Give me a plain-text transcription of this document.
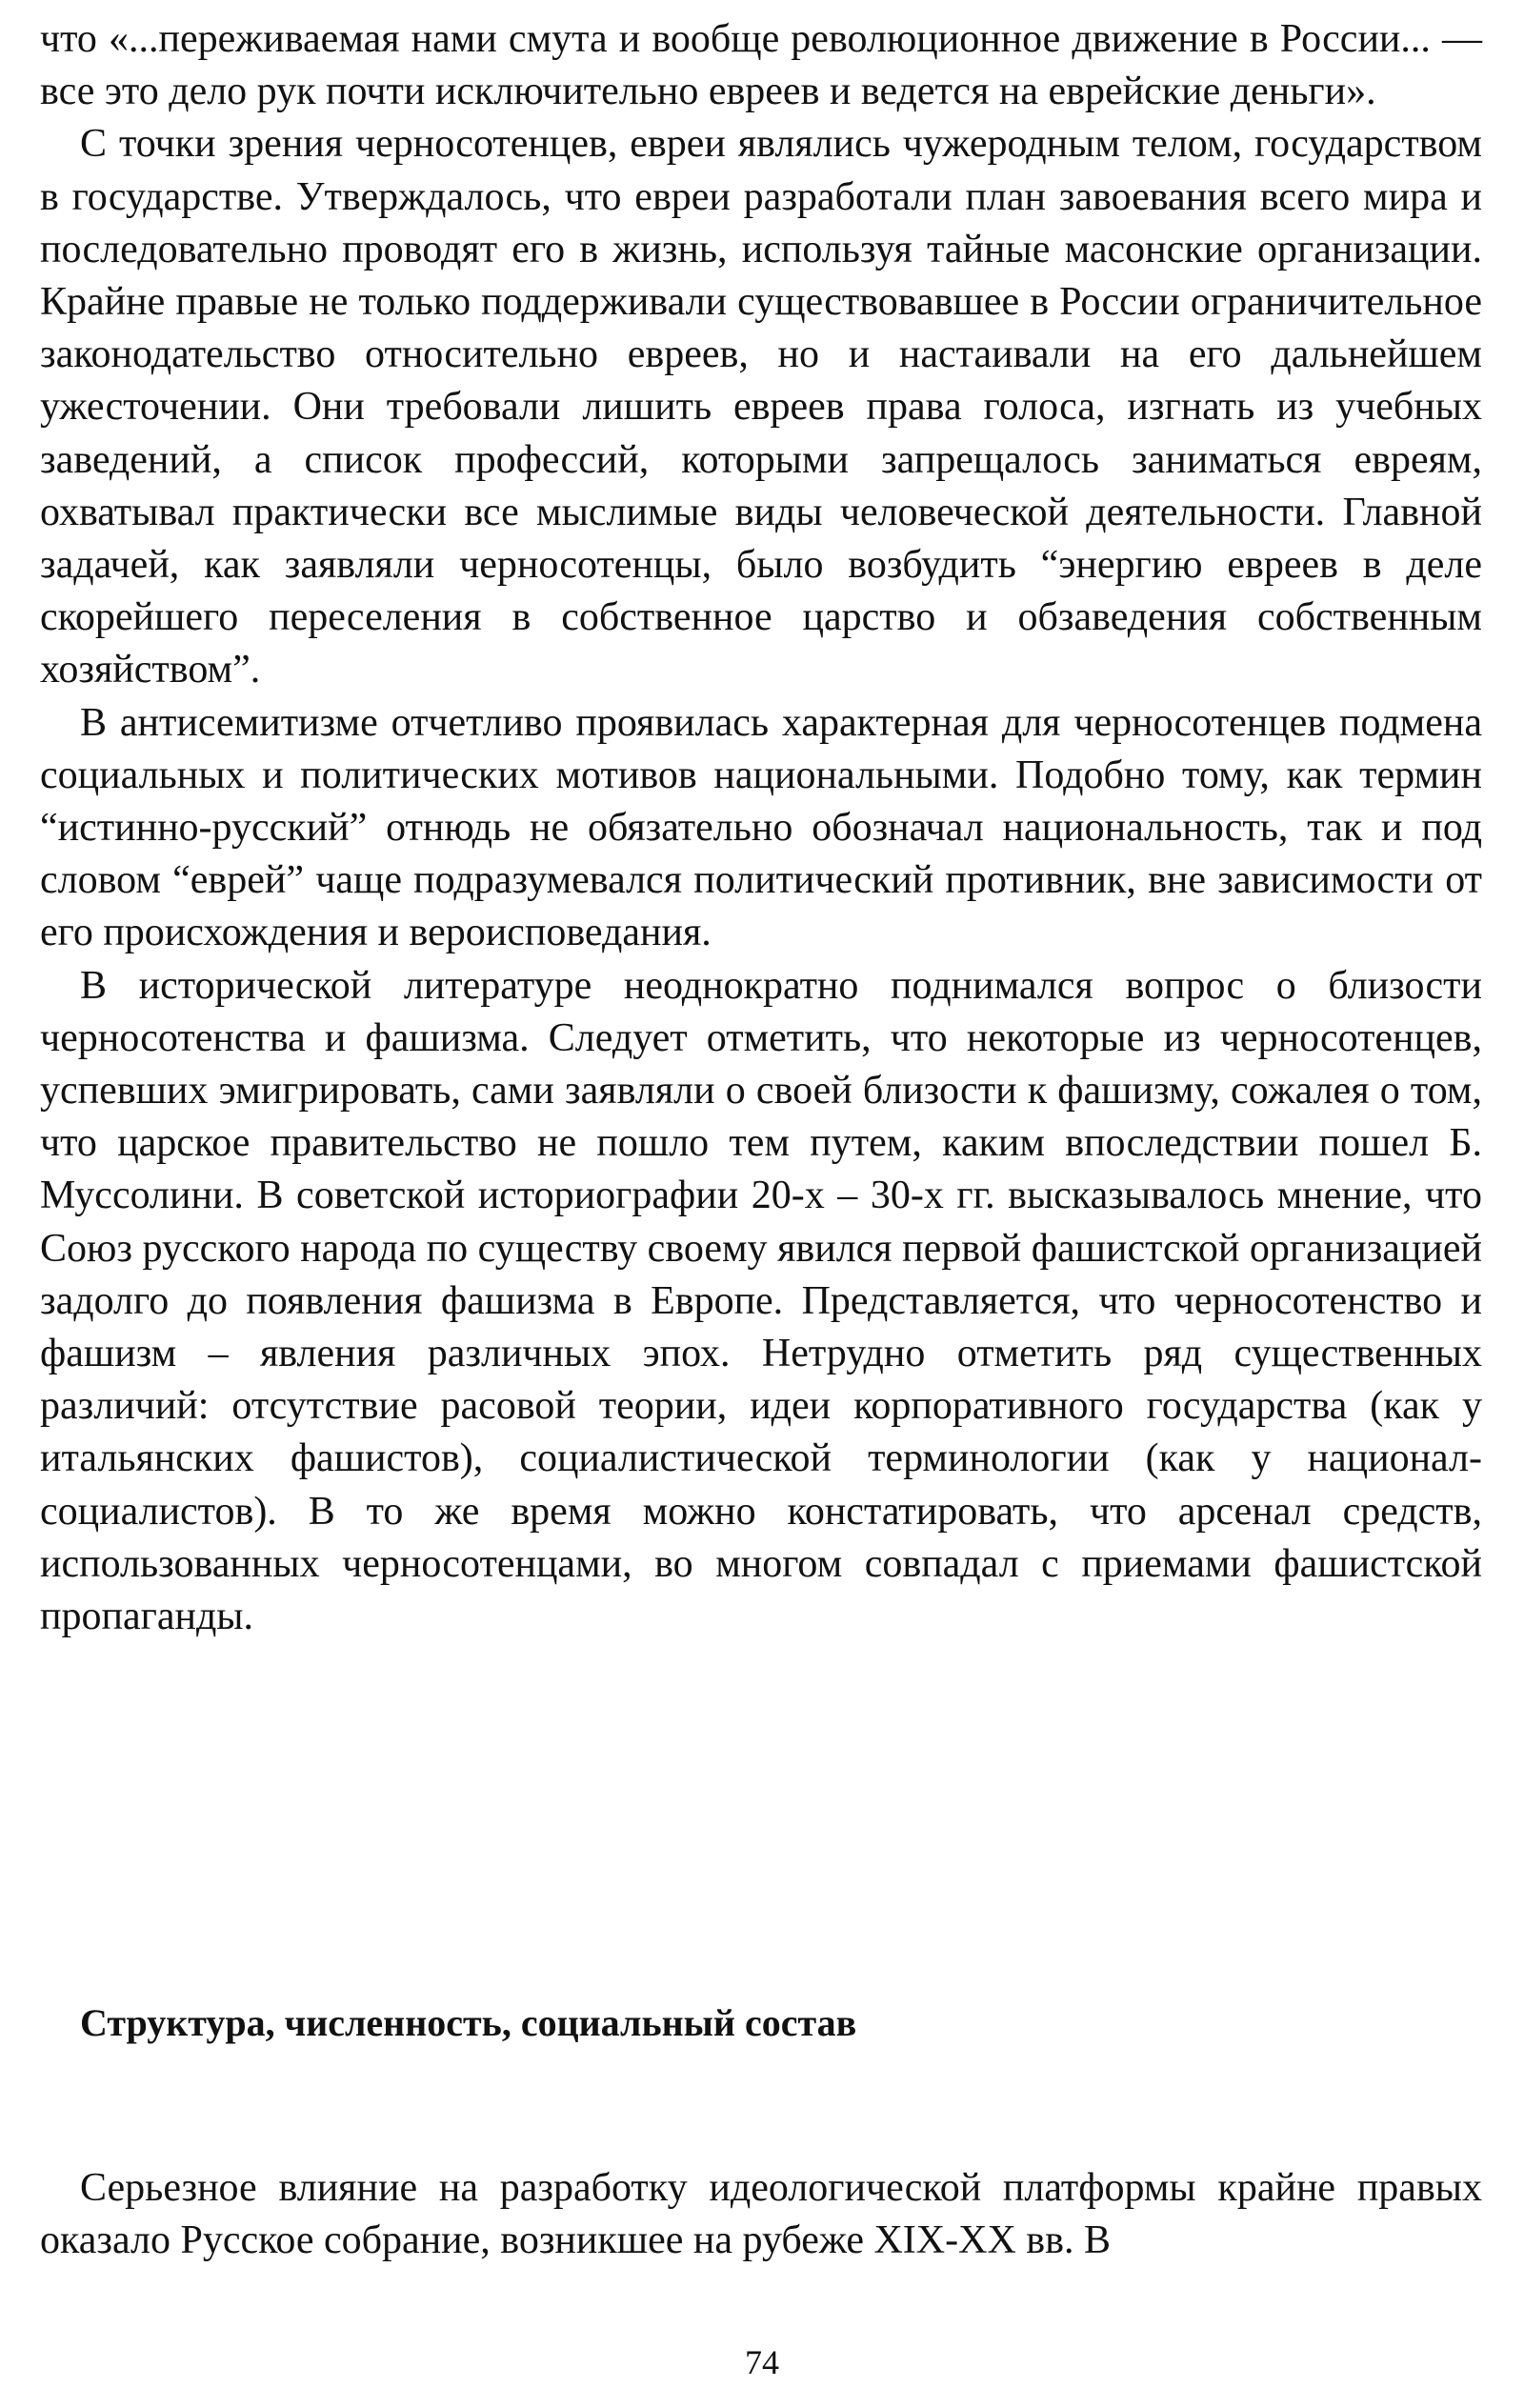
что «...переживаемая нами смута и вообще революционное движение в России... — все это дело рук почти исключительно евреев и ведется на еврейские деньги».

С точки зрения черносотенцев, евреи являлись чужеродным телом, государством в государстве. Утверждалось, что евреи разработали план завоевания всего мира и последовательно проводят его в жизнь, используя тайные масонские организации. Крайне правые не только поддерживали существовавшее в России ограничительное законодательство относительно евреев, но и настаивали на его дальнейшем ужесточении. Они требовали лишить евреев права голоса, изгнать из учебных заведений, а список профессий, которыми запрещалось заниматься евреям, охватывал практически все мыслимые виды человеческой деятельности. Главной задачей, как заявляли черносотенцы, было возбудить “энергию евреев в деле скорейшего переселения в собственное царство и обзаведения собственным хозяйством”.

В антисемитизме отчетливо проявилась характерная для черносотенцев подмена социальных и политических мотивов национальными. Подобно тому, как термин “истинно-русский” отнюдь не обязательно обозначал национальность, так и под словом “еврей” чаще подразумевался политический противник, вне зависимости от его происхождения и вероисповедания.

В исторической литературе неоднократно поднимался вопрос о близости черносотенства и фашизма. Следует отметить, что некоторые из черносотенцев, успевших эмигрировать, сами заявляли о своей близости к фашизму, сожалея о том, что царское правительство не пошло тем путем, каким впоследствии пошел Б. Муссолини. В советской историографии 20-х – 30-х гг. высказывалось мнение, что Союз русского народа по существу своему явился первой фашистской организацией задолго до появления фашизма в Европе. Представляется, что черносотенство и фашизм – явления различных эпох. Нетрудно отметить ряд существенных различий: отсутствие расовой теории, идеи корпоративного государства (как у итальянских фашистов), социалистической терминологии (как у национал-социалистов). В то же время можно констатировать, что арсенал средств, использованных черносотенцами, во многом совпадал с приемами фашистской пропаганды.

Структура, численность, социальный состав

Серьезное влияние на разработку идеологической платформы крайне правых оказало Русское собрание, возникшее на рубеже XIX-XX вв. В

74
